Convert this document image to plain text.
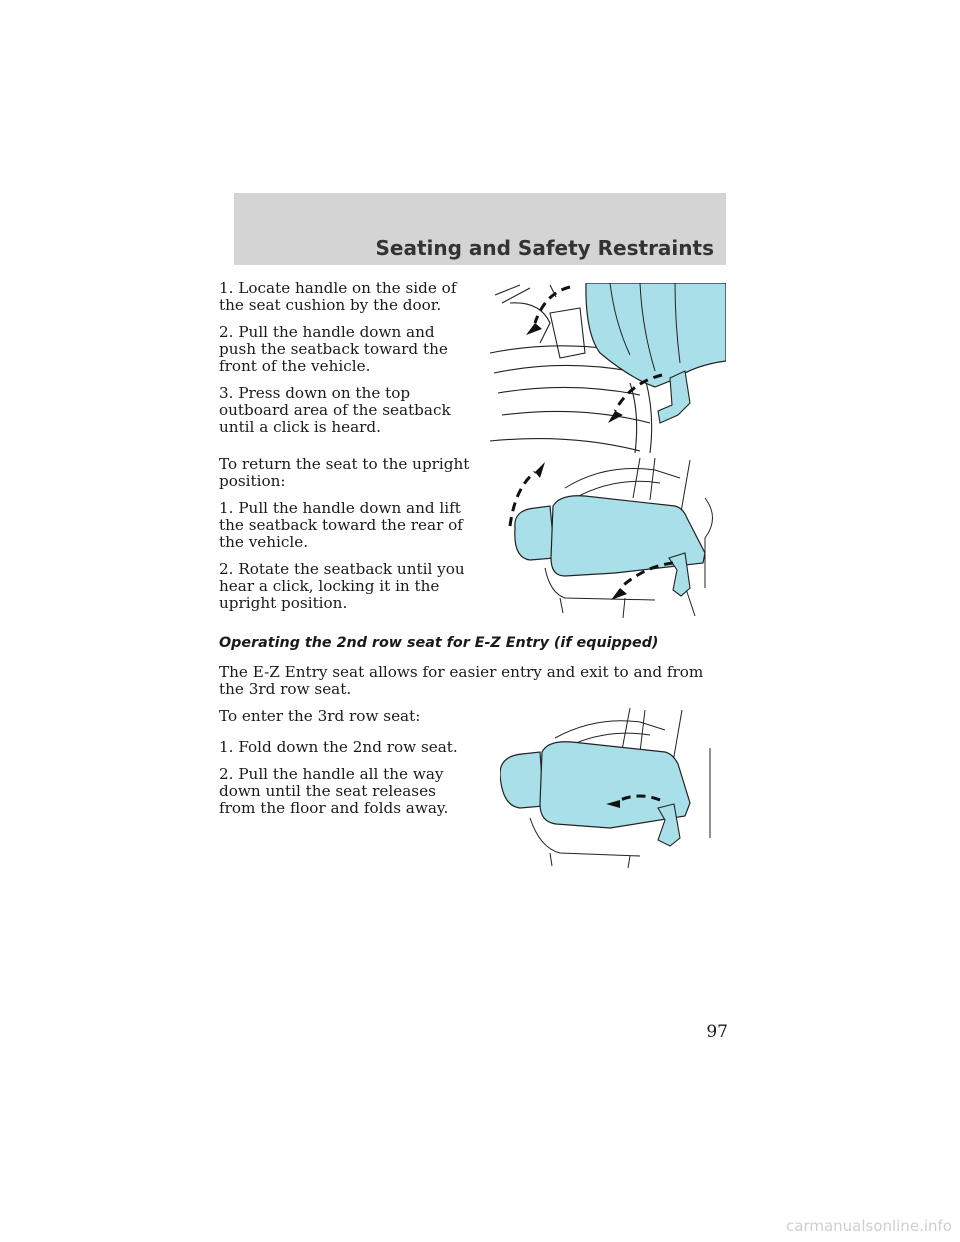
Seating and Safety Restraints

1. Locate handle on the side of the seat cushion by the door.

2. Pull the handle down and push the seatback toward the front of the vehicle.

3. Press down on the top outboard area of the seatback until a click is heard.

To return the seat to the upright position:

1. Pull the handle down and lift the seatback toward the rear of the vehicle.

2. Rotate the seatback until you hear a click, locking it in the upright position.

Operating the 2nd row seat for E-Z Entry (if equipped)

The E-Z Entry seat allows for easier entry and exit to and from the 3rd row seat.

To enter the 3rd row seat:

1. Fold down the 2nd row seat.

2. Pull the handle all the way down until the seat releases from the floor and folds away.

97
carmanualsonline.info
